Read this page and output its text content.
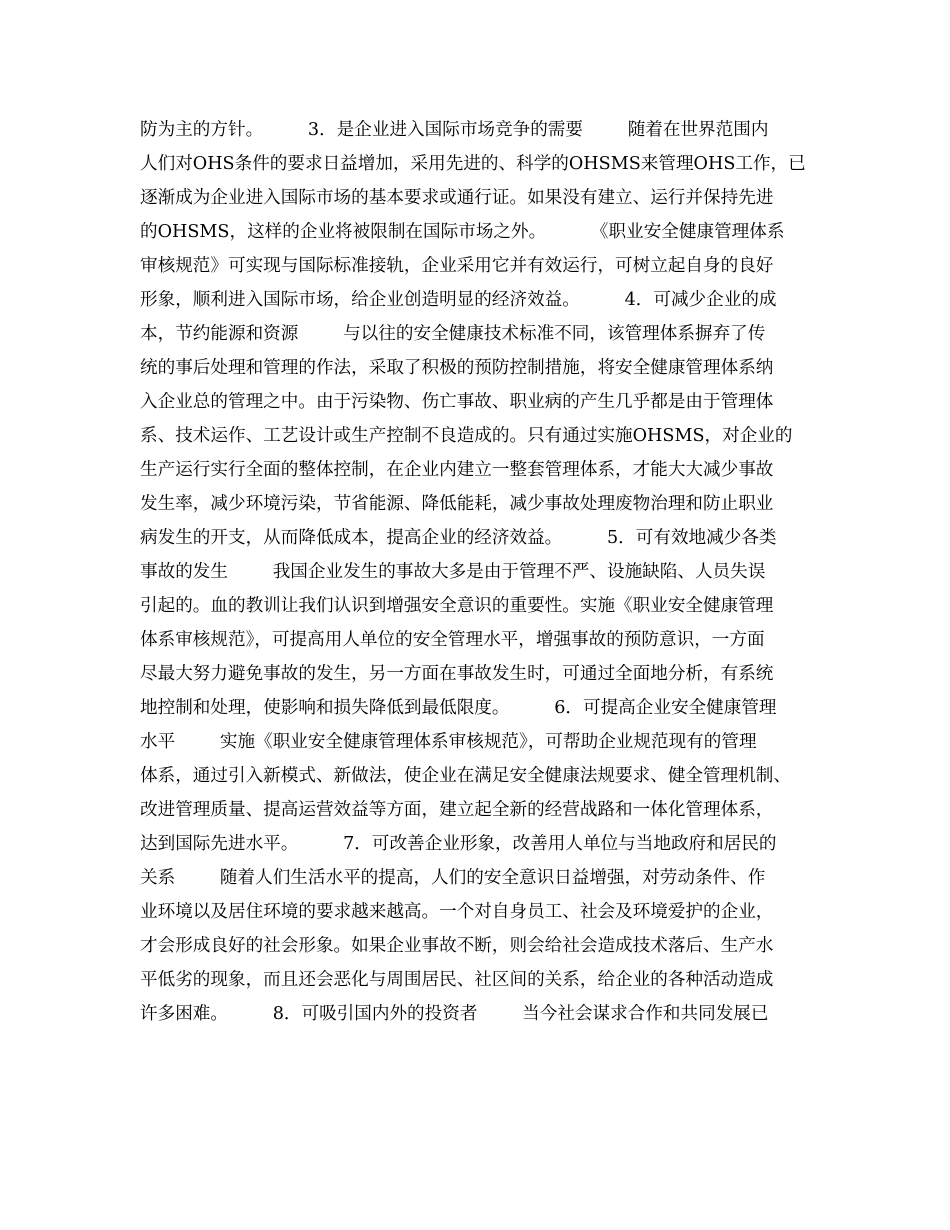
防为主的方针。        3．是企业进入国际市场竞争的需要        随着在世界范围内
人们对OHS条件的要求日益增加，采用先进的、科学的OHSMS来管理OHS工作，已
逐渐成为企业进入国际市场的基本要求或通行证。如果没有建立、运行并保持先进
的OHSMS，这样的企业将被限制在国际市场之外。        《职业安全健康管理体系
审核规范》可实现与国际标准接轨，企业采用它并有效运行，可树立起自身的良好
形象，顺利进入国际市场，给企业创造明显的经济效益。        4．可减少企业的成
本，节约能源和资源        与以往的安全健康技术标准不同，该管理体系摒弃了传
统的事后处理和管理的作法，采取了积极的预防控制措施，将安全健康管理体系纳
入企业总的管理之中。由于污染物、伤亡事故、职业病的产生几乎都是由于管理体
系、技术运作、工艺设计或生产控制不良造成的。只有通过实施OHSMS，对企业的
生产运行实行全面的整体控制，在企业内建立一整套管理体系，才能大大减少事故
发生率，减少环境污染，节省能源、降低能耗，减少事故处理废物治理和防止职业
病发生的开支，从而降低成本，提高企业的经济效益。        5．可有效地减少各类
事故的发生        我国企业发生的事故大多是由于管理不严、设施缺陷、人员失误
引起的。血的教训让我们认识到增强安全意识的重要性。实施《职业安全健康管理
体系审核规范》，可提高用人单位的安全管理水平，增强事故的预防意识，一方面
尽最大努力避免事故的发生，另一方面在事故发生时，可通过全面地分析，有系统
地控制和处理，使影响和损失降低到最低限度。        6．可提高企业安全健康管理
水平        实施《职业安全健康管理体系审核规范》，可帮助企业规范现有的管理
体系，通过引入新模式、新做法，使企业在满足安全健康法规要求、健全管理机制、
改进管理质量、提高运营效益等方面，建立起全新的经营战路和一体化管理体系，
达到国际先进水平。        7．可改善企业形象，改善用人单位与当地政府和居民的
关系        随着人们生活水平的提高，人们的安全意识日益增强，对劳动条件、作
业环境以及居住环境的要求越来越高。一个对自身员工、社会及环境爱护的企业，
才会形成良好的社会形象。如果企业事故不断，则会给社会造成技术落后、生产水
平低劣的现象，而且还会恶化与周围居民、社区间的关系，给企业的各种活动造成
许多困难。        8．可吸引国内外的投资者        当今社会谋求合作和共同发展已
